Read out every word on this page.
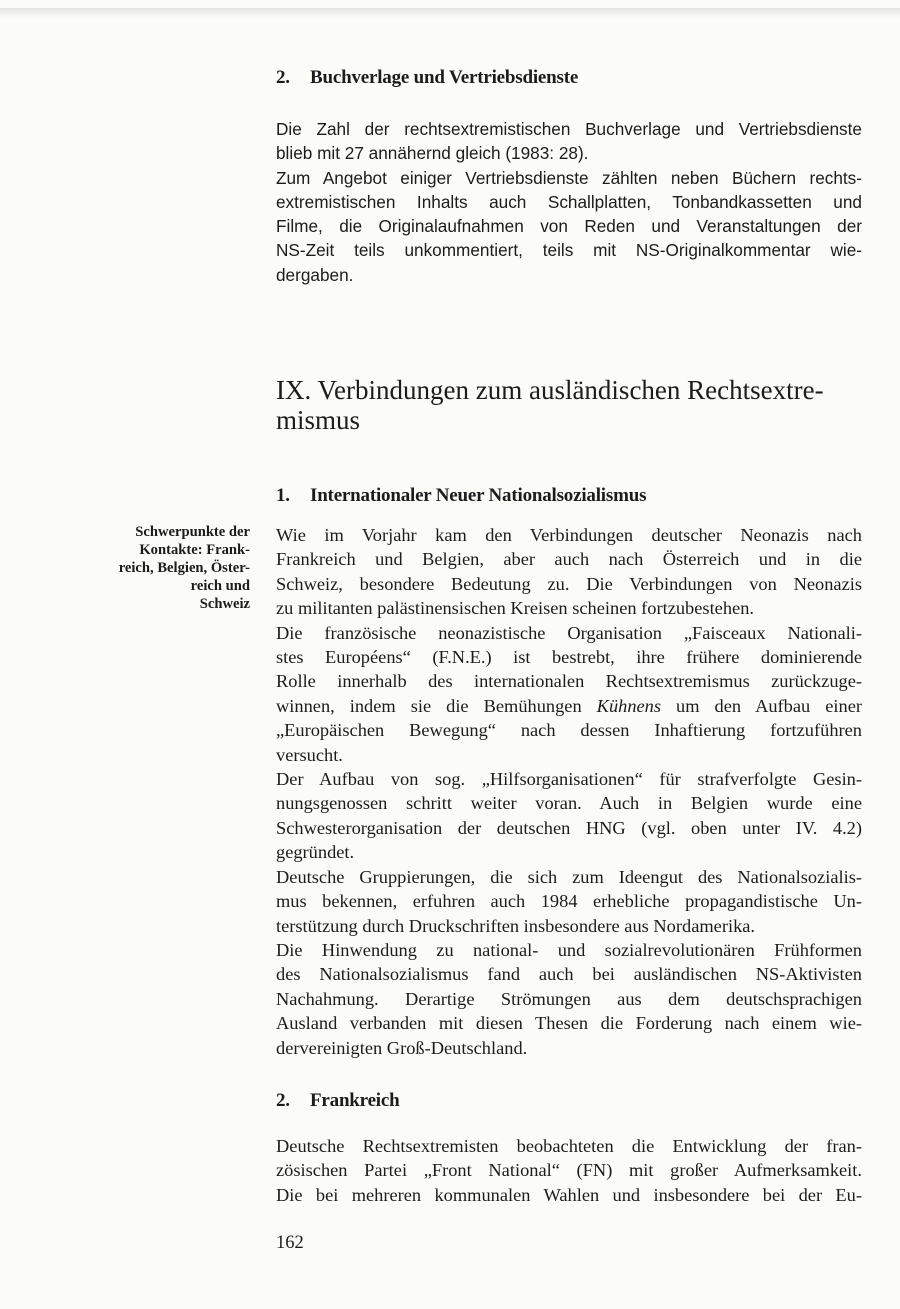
2. Buchverlage und Vertriebsdienste

Die Zahl der rechtsextremistischen Buchverlage und Vertriebsdienste
blieb mit 27 annähernd gleich (1983: 28).
Zum Angebot einiger Vertriebsdienste zählten neben Büchern rechts-
extremistischen Inhalts auch Schallplatten, Tonbandkassetten und
Filme, die Originalaufnahmen von Reden und Veranstaltungen der
NS-Zeit teils unkommentiert, teils mit NS-Originalkommentar wie-
dergaben.

IX. Verbindungen zum ausländischen Rechtsextre-
mismus
1. Internationaler Neuer Nationalsozialismus

Schwerpunkte der
Kontakte: Frank-
reich, Belgien, Öster-
reich und
Schweiz

Wie im Vorjahr kam den Verbindungen deutscher Neonazis nach
Frankreich und Belgien, aber auch nach Österreich und in die
Schweiz, besondere Bedeutung zu. Die Verbindungen von Neonazis
zu militanten palästinensischen Kreisen scheinen fortzubestehen.
Die französische neonazistische Organisation „Faisceaux Nationali-
stes Européens“ (F.N.E.) ist bestrebt, ihre frühere dominierende
Rolle innerhalb des internationalen Rechtsextremismus zurückzuge-
winnen, indem sie die Bemühungen Kühnens um den Aufbau einer
„Europäischen Bewegung“ nach dessen Inhaftierung fortzuführen
versucht.
Der Aufbau von sog. „Hilfsorganisationen“ für strafverfolgte Gesin-
nungsgenossen schritt weiter voran. Auch in Belgien wurde eine
Schwesterorganisation der deutschen HNG (vgl. oben unter IV. 4.2)
gegründet.
Deutsche Gruppierungen, die sich zum Ideengut des Nationalsozialis-
mus bekennen, erfuhren auch 1984 erhebliche propagandistische Un-
terstützung durch Druckschriften insbesondere aus Nordamerika.
Die Hinwendung zu national- und sozialrevolutionären Frühformen
des Nationalsozialismus fand auch bei ausländischen NS-Aktivisten
Nachahmung. Derartige Strömungen aus dem deutschsprachigen
Ausland verbanden mit diesen Thesen die Forderung nach einem wie-
dervereinigten Groß-Deutschland.
2. Frankreich

Deutsche Rechtsextremisten beobachteten die Entwicklung der fran-
zösischen Partei „Front National“ (FN) mit großer Aufmerksamkeit.
Die bei mehreren kommunalen Wahlen und insbesondere bei der Eu-

162
